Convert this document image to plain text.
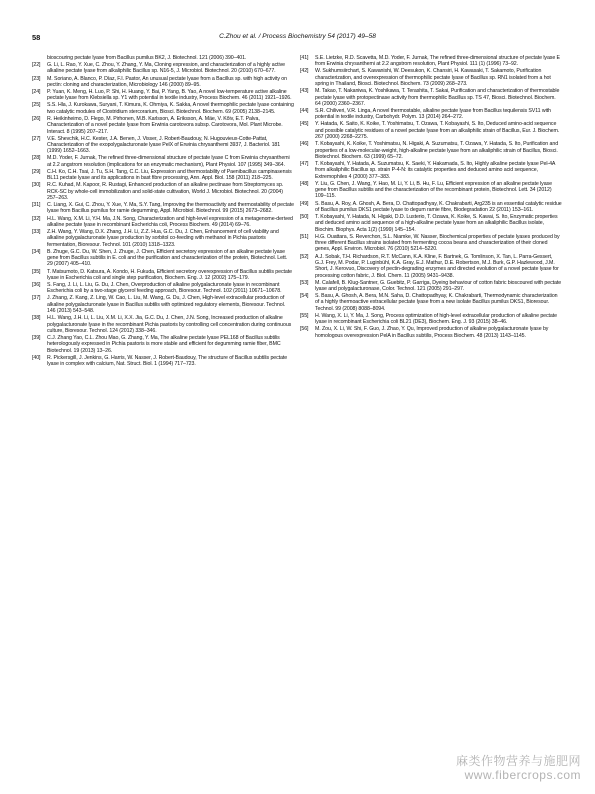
58	C.Zhou et al. / Process Biochemistry 54 (2017) 49–58
bioscouring pectate lyase from Bacillus pumilus BK2, J. Biotechnol. 121 (2006) 390–401.
[22] G. Li, L. Rao, Y. Xue, C. Zhou, Y. Zhang, Y. Ma, Cloning expression, and characterization of a highly active alkaline pectate lyase from alkaliphilic Bacillus sp. N16-5, J. Microbiol. Biotechnol. 20 (2010) 670–677.
[23] M. Soriano, A. Blanco, P. Díaz, F.I. Pastor, An unusual pectate lyase from a Bacillus sp. with high activity on pectin: cloning and characterization, Microbiology 146 (2000) 89–95.
[24] P. Yuan, K. Meng, H. Luo, P. Shi, H. Huang, Y. Bai, P. Yang, B. Yao, A novel low-temperature active alkaline pectate lyase from Klebsiella sp. Y1 with potential in textile industry, Process Biochem. 46 (2011) 1921–1926.
[25] S.S. Hla, J. Kurokawa, Suryani, T. Kimura, K. Ohmiya, K. Sakka, A novel thermophilic pectate lyase containing two catalytic modules of Clostridium stercorarium, Biosci. Biotechnol. Biochem. 69 (2005) 2138–2145.
[26] R. Heikinheimo, D. Flego, M. Pirhonen, M.B. Karlsson, A. Eriksson, A. Mäe, V. Kõiv, E.T. Palva, Characterization of a novel pectate lyase from Erwinia carotovora subsp. Carotovora, Mol. Plant Microbe. Interact. 8 (1995) 207–217.
[27] V.E. Shevchik, H.C. Kester, J.A. Benen, J. Visser, J. Robert-Baudouy, N. Hugouvieux-Cotte-Pattat, Characterization of the exopolygalacturonate lyase PelX of Erwinia chrysanthemi 3937, J. Bacteriol. 181 (1999) 1652–1663.
[28] M.D. Yoder, F. Jurnak, The refined three-dimensional structure of pectate lyase C from Erwinia chrysanthemi at 2.2 angstrom resolution (implications for an enzymatic mechanism), Plant Physiol. 107 (1995) 349–364.
[29] C.H. Ko, C.H. Tsai, J. Tu, S.H. Tang, C.C. Liu, Expression and thermostability of Paenibacillus campinasensis BL11 pectate lyase and its applications in bast fibre processing, Ann. Appl. Biol. 158 (2011) 218–225.
[30] R.C. Kuhad, M. Kapoor, R. Rustagi, Enhanced production of an alkaline pectinase from Streptomyces sp. RCK-SC by whole-cell immobilization and solid-state cultivation, World J. Microbiol. Biotechnol. 20 (2004) 257–263.
[31] C. Liang, X. Gui, C. Zhou, Y. Xue, Y. Ma, S.Y. Tang, Improving the thermoactivity and thermostability of pectate lyase from Bacillus pumilus for ramie degumming, Appl. Microbiol. Biotechnol. 99 (2015) 2673–2682.
[32] H.L. Wang, X.M. Li, Y.H. Ma, J.N. Song, Characterization and high-level expression of a metagenome-derived alkaline pectate lyase in recombinant Escherichia coli, Process Biochem. 49 (2014) 69–76.
[33] Z.H. Wang, Y. Wang, D.X. Zhang, J.H. Li, Z.Z. Hua, G.C. Du, J. Chen, Enhancement of cell viability and alkaline polygalacturonate lyase production by sorbitol co-feeding with methanol in Pichia pastoris fermentation, Bioresour. Technol. 101 (2010) 1318–1323.
[34] B. Zhuge, G.C. Du, W. Shen, J. Zhuge, J. Chen, Efficient secretory expression of an alkaline pectate lyase gene from Bacillus subtilis in E. coli and the purification and characterization of the protein, Biotechnol. Lett. 29 (2007) 405–410.
[35] T. Matsumoto, D. Katsura, A. Kondo, H. Fukuda, Efficient secretory overexpression of Bacillus subtilis pectate lyase in Escherichia coli and single step purification, Biochem. Eng. J. 12 (2002) 175–179.
[36] S. Fang, J. Li, L. Liu, G. Du, J. Chen, Overproduction of alkaline polygalacturonate lyase in recombinant Escherichia coli by a two-stage glycerol feeding approach, Bioresour. Technol. 102 (2011) 10671–10678.
[37] J. Zhang, Z. Kang, Z. Ling, W. Cao, L. Liu, M. Wang, G. Du, J. Chen, High-level extracellular production of alkaline polygalacturonate lyase in Bacillus subtilis with optimized regulatory elements, Bioresour. Technol. 146 (2013) 543–548.
[38] H.L. Wang, J.H. Li, L. Liu, X.M. Li, X.X. Jia, G.C. Du, J. Chen, J.N. Song, Increased production of alkaline polygalacturonate lyase in the recombinant Pichia pastoris by controlling cell concentration during continuous culture, Bioresour. Technol. 124 (2012) 338–346.
[39] C.J. Zhang Yao, C.L. Zhou Mao, G. Zhang, Y. Ma, The alkaline pectate lyase PEL168 of Bacillus subtilis heterologously expressed in Pichia pastoris is more stable and efficient for degumming ramie fiber, BMC Biotechnol. 19 (2013) 13–26.
[40] R. Pickersgill, J. Jenkins, G. Harris, W. Nasser, J. Robert-Baudouy, The structure of Bacillus subtilis pectate lyase in complex with calcium, Nat. Struct. Biol. 1 (1994) 717–723.
[41] S.E. Lietzke, R.D. Scavetta, M.D. Yoder, F. Jurnak, The refined three-dimensional structure of pectate lyase E from Erwinia chrysanthemi at 2.2 angstrom resolution, Plant Physiol. 111 (1) (1996) 73–92.
[42] W. Sukhumsiirchart, S. Kawanishi, W. Deesukon, K. Chansiri, H. Kawasaki, T. Sakamoto, Purification characterization, and overexpression of thermophilic pectate lyase of Bacillus sp. RN1 isolated from a hot spring in Thailand, Biosci. Biotechnol. Biochem. 73 (2009) 268–273.
[43] M. Takao, T. Nakaniwa, K. Yoshikawa, T. Terashita, T. Sakai, Purification and characterization of thermostable pectate lyase with protopectinase activity from thermophilic Bacillus sp. TS 47, Biosci. Biotechnol. Biochem. 64 (2000) 2360–2367.
[44] S.R. Chiliveri, V.R. Linga, A novel thermostable, alkaline pectate lyase from Bacillus tequilensis SV11 with potential in textile industry, Carbohydr. Polym. 13 (2014) 264–272.
[45] Y. Hatada, K. Saito, K. Koike, T. Yoshimatsu, T. Ozawa, T. Kobayashi, S. Ito, Deduced amino-acid sequence and possible catalytic residues of a novel pectate lyase from an alkaliphilic strain of Bacillus, Eur. J. Biochem. 267 (2000) 2268–2275.
[46] T. Kobayashi, K. Koike, T. Yoshimatsu, N. Higaki, A. Suzumatsu, T. Ozawa, Y. Hatada, S. Ito, Purification and properties of a low-molecular-weight, high-alkaline pectate lyase from an alkaliphilic strain of Bacillus, Biosci. Biotechnol. Biochem. 63 (1999) 65–72.
[47] T. Kobayashi, Y. Hatada, A. Suzumatsu, K. Saeki, Y. Hakamada, S. Ito, Highly alkaline pectate lyase Pel-4A from alkaliphilic Bacillus sp. strain P-4-N: its catalytic properties and deduced amino acid sequence, Extremophiles 4 (2000) 377–383.
[48] Y. Liu, G. Chen, J. Wang, Y. Hao, M. Li, Y. Li, B. Hu, F. Lu, Efficient expression of an alkaline pectate lyase gene from Bacillus subtilis and the characterization of the recombinant protein, Biotechnol. Lett. 34 (2012) 109–115.
[49] S. Basu, A. Roy, A. Ghosh, A. Bera, D. Chattopadhyay, K. Chakrabarti, Arg235 is an essential catalytic residue of Bacillus pumilus DKS1 pectate lyase to degum ramie fibre, Biodegradation 22 (2011) 153–161.
[50] T. Kobayashi, Y. Hatada, N. Higaki, D.D. Lusterio, T. Ozawa, K. Koike, S. Kawai, S. Ito, Enzymatic properties and deduced amino acid sequence of a high-alkaline pectate lyase from an alkaliphilic Bacillus isolate, Biochim. Biophys. Acta 1(2) (1999) 145–154.
[51] H.G. Ouattara, S. Reverchon, S.L. Niamke, W. Nasser, Biochemical properties of pectate lyases produced by three different Bacillus strains isolated from fermenting cocoa beans and characterization of their cloned genes, Appl. Environ. Microbiol. 76 (2010) 5214–5220.
[52] A.J. Sobak, T.H. Richardson, R.T. McCann, K.A. Kline, F. Bartnek, G. Tomlinson, X. Tan, L. Parra-Gessert, G.J. Frey, M. Podar, P. Luginbühl, K.A. Gray, E.J. Mathur, D.E. Robertson, M.J. Burk, G.P. Hazlewood, J.M. Short, J. Kerovuo, Discovery of pectin-degrading enzymes and directed evolution of a novel pectate lyase for processing cotton fabric, J. Biol. Chem. 11 (2005) 9431–9438.
[53] M. Calafell, B. Klug-Santner, G. Guebitz, P. Garriga, Dyeing behaviour of cotton fabric bioscoured with pectate lyase and polygalacturonase, Color. Technol. 121 (2005) 291–297.
[54] S. Basu, A. Ghosh, A. Bera, M.N. Saha, D. Chattopadhyay, K. Chakrabarti, Thermodynamic characterization of a highly thermoactive extracellular pectate lyase from a new isolate Bacillus pumilus DKS1, Bioresour. Technol. 99 (2008) 8088–8094.
[55] H. Wang, X. Li, Y. Ma, J. Song, Process optimization of high-level extracellular production of alkaline pectate lyase in recombinant Escherichia coli BL21 (DE3), Biochem. Eng. J. 93 (2015) 38–46.
[56] M. Zou, X. Li, W. Shi, F. Guo, J. Zhao, Y. Qu, Improved production of alkaline polygalacturonate lyase by homologous overexpression PelA in Bacillus subtilis, Process Biochem. 48 (2013) 1143–1145.
麻类作物营养与施肥网
www.fibercrops.com
